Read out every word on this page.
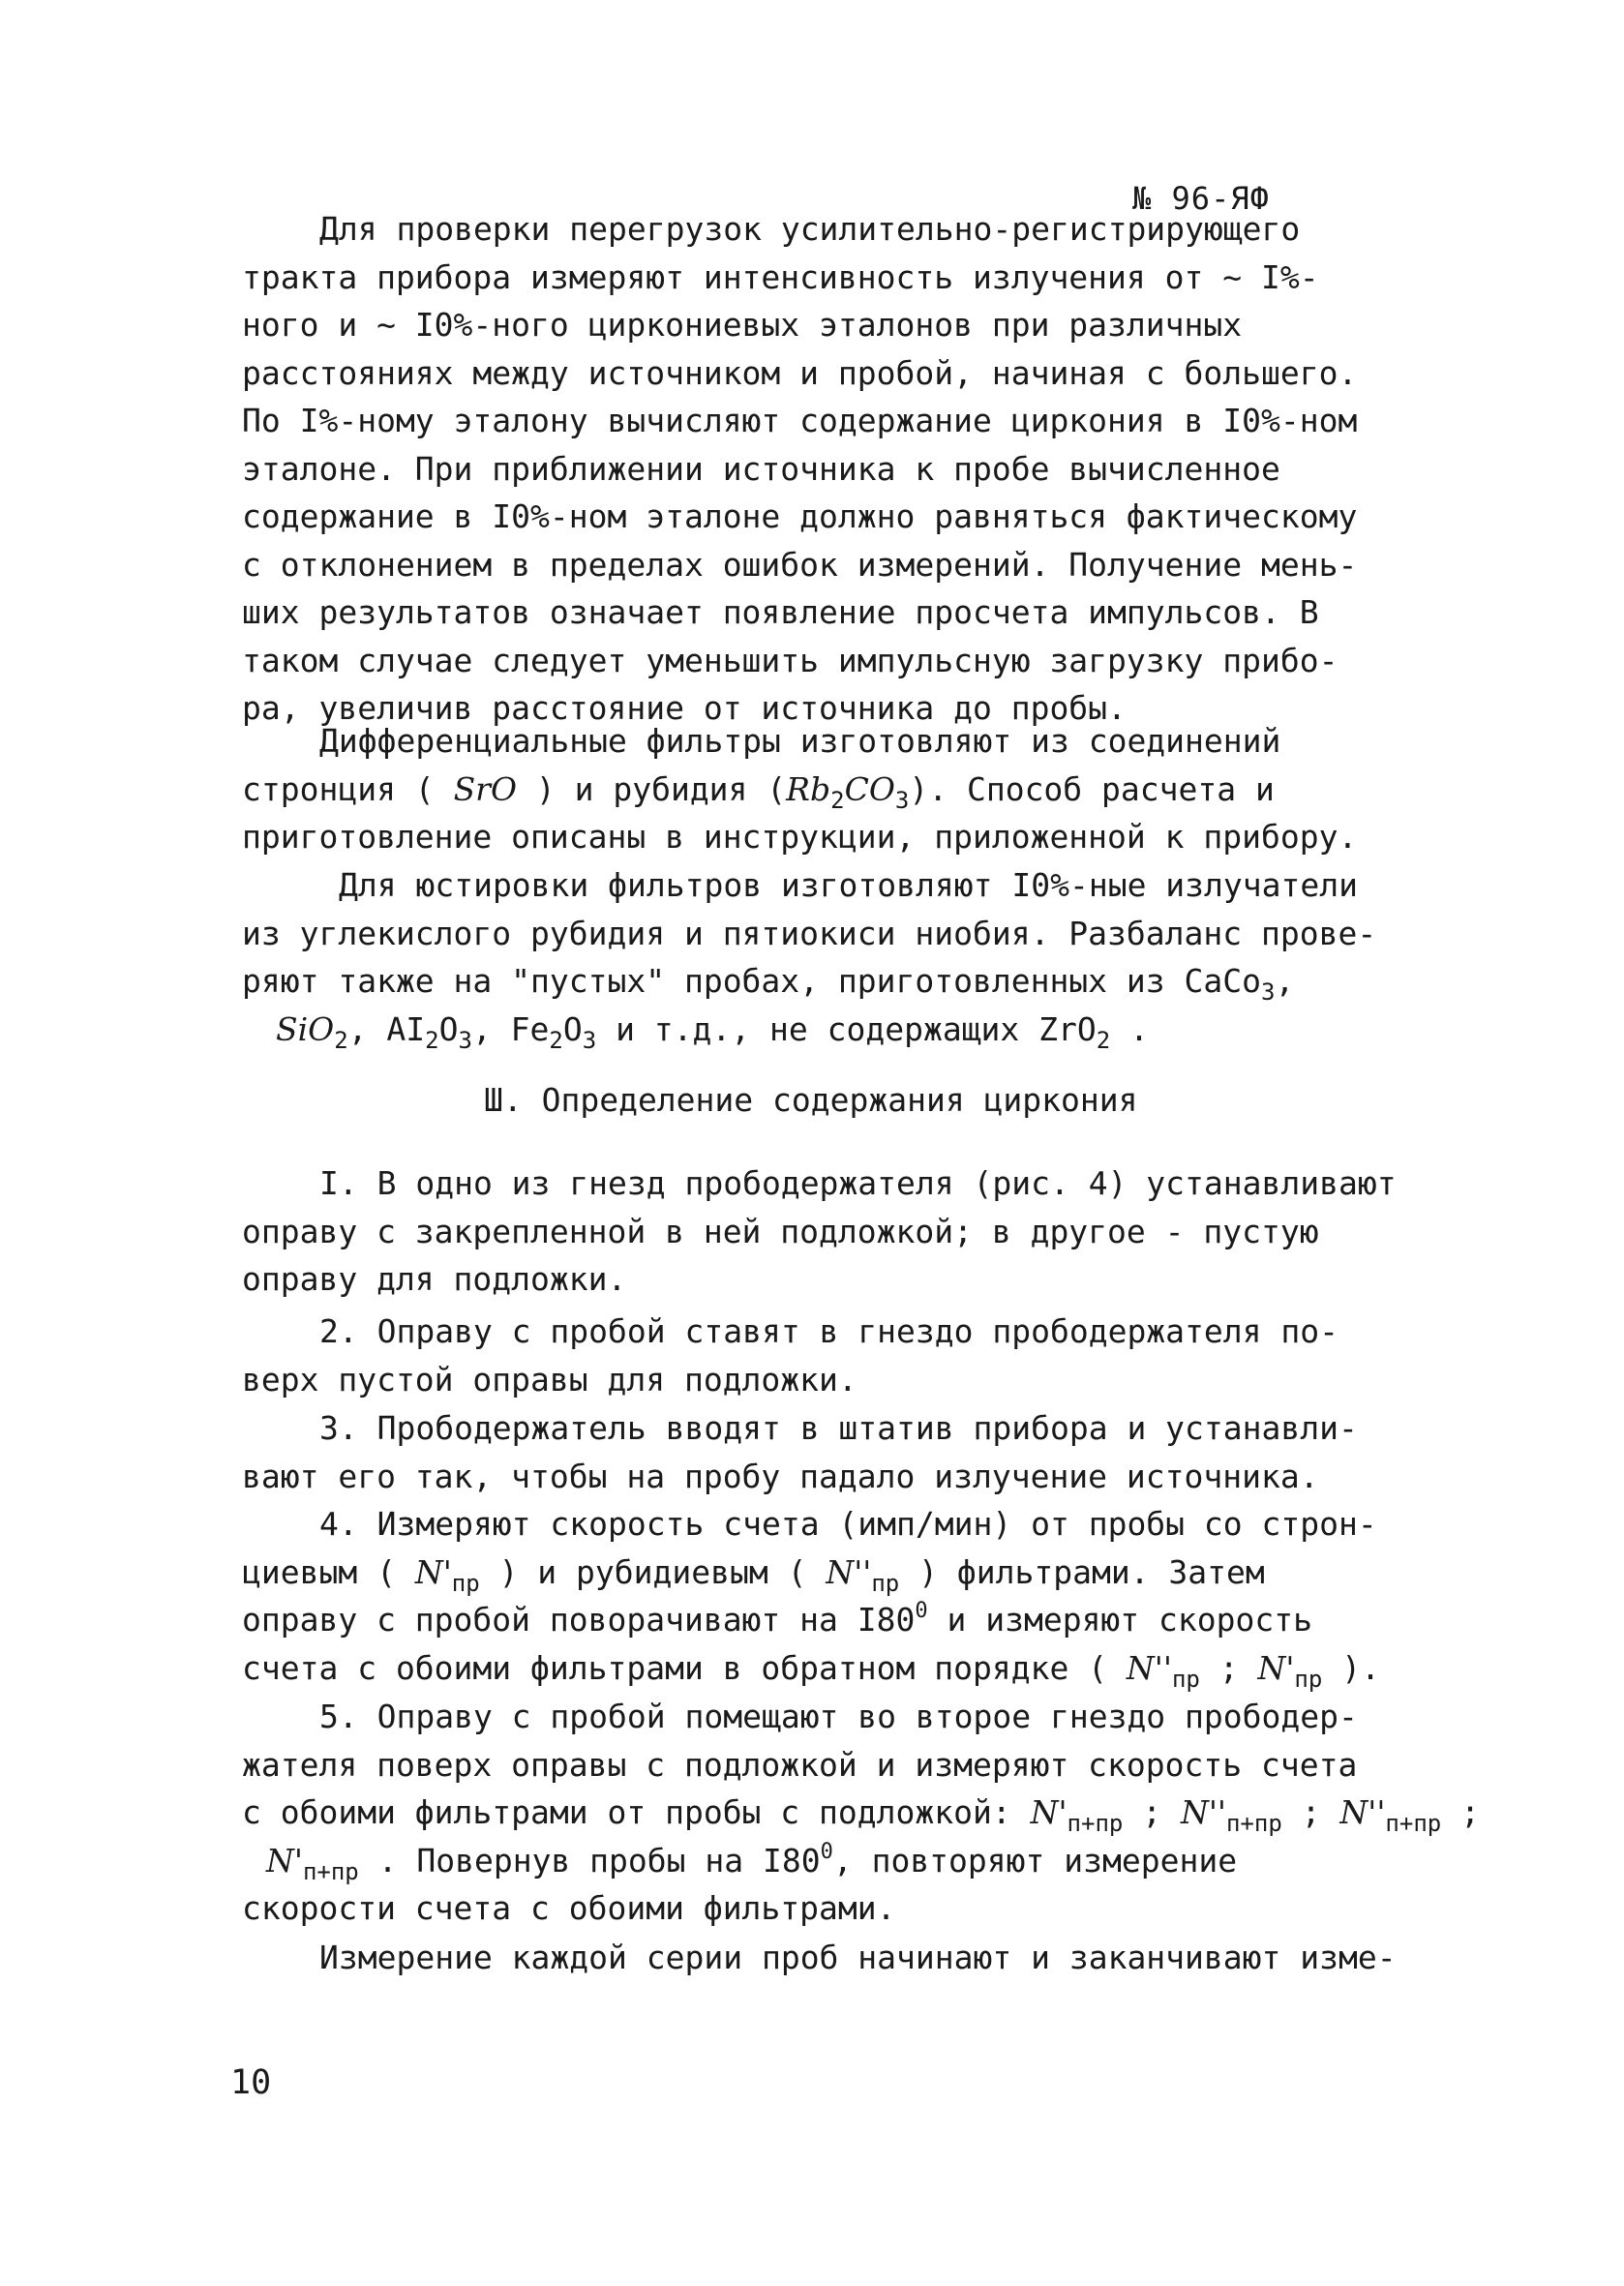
№ 96-ЯФ
Для проверки перегрузок усилительно-регистрирующего
тракта прибора измеряют интенсивность излучения от ~ I%-
ного и ~ I0%-ного циркониевых эталонов при различных
расстояниях между источником и пробой, начиная с большего.
По I%-ному эталону вычисляют содержание циркония в I0%-ном
эталоне. При приближении источника к пробе вычисленное
содержание в I0%-ном эталоне должно равняться фактическому
с отклонением в пределах ошибок измерений. Получение мень-
ших результатов означает появление просчета импульсов. В
таком случае следует уменьшить импульсную загрузку прибо-
ра, увеличив расстояние от источника до пробы.
Дифференциальные фильтры изготовляют из соединений
стронция ( SrO ) и рубидия $(Rb_2CO_3)$. Способ расчета и
приготовление описаны в инструкции, приложенной к прибору.
Для юстировки фильтров изготовляют I0%-ные излучатели
из углекислого рубидия и пятиокиси ниобия. Разбаланс прове-
ряют также на "пустых" пробах, приготовленных из CaCo$_3$,
SiO$_2$, $AI_2O_3$, $Fe_2O_3$ и т.д., не содержащих ZrO$_2$ .
Ш. Определение содержания циркония
I. В одно из гнезд прободержателя (рис. 4) устанавливают
оправу с закрепленной в ней подложкой; в другое - пустую
оправу для подложки.
2. Оправу с пробой ставят в гнездо прободержателя по-
верх пустой оправы для подложки.
3. Прободержатель вводят в штатив прибора и устанавли-
вают его так, чтобы на пробу падало излучение источника.
4. Измеряют скорость счета (имп/мин) от пробы со строн-
циевым ( $N'_{пр}$ ) и рубидиевым ( $N''_{пр}$ ) фильтрами. Затем
оправу с пробой поворачивают на $I80^0$ и измеряют скорость
счета с обоими фильтрами в обратном порядке ( $N''_{пр}$ ; $N'_{пр}$ ).
5. Оправу с пробой помещают во второе гнездо прободер-
жателя поверх оправы с подложкой и измеряют скорость счета
с обоими фильтрами от пробы с подложкой: $N'_{п+пр}$ ; $N''_{п+пр}$ ; $N''_{п+пр}$ ;
$N'_{п+пр}$ . Повернув пробы на $I80^0$, повторяют измерение
скорости счета с обоими фильтрами.
Измерение каждой серии проб начинают и заканчивают изме-
10
